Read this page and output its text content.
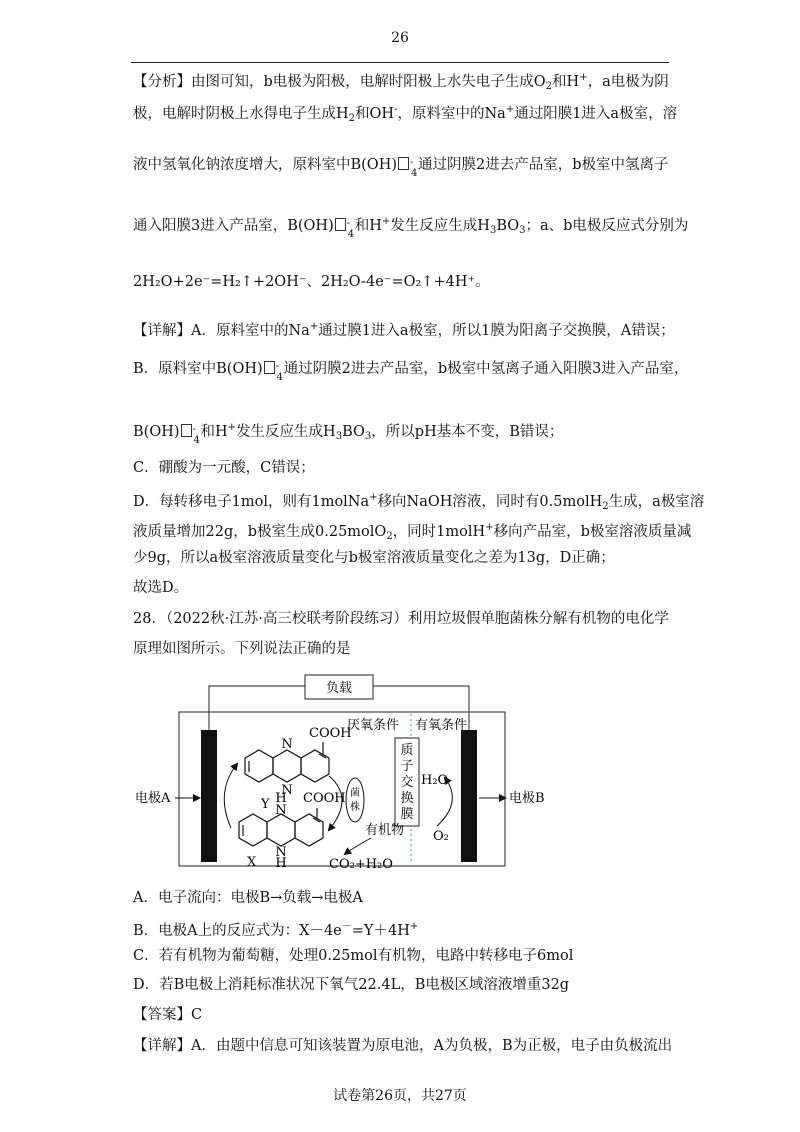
26
【分析】由图可知，b电极为阳极，电解时阳极上水失电子生成$O_2$和H+，a电极为阴
极，电解时阴极上水得电子生成$H_2$和OH-，原料室中的Na+通过阳膜1进入a极室，溶
液中氢氧化钠浓度增大，原料室中B(OH) -
4
通过阴膜2进去产品室，b极室中氢离子
通入阳膜3进入产品室，B(OH) -
4
和H+发生反应生成$H_3BO_3$；a、b电极反应式分别为
2H₂O+2e⁻=H₂↑+2OH⁻、2H₂O-4e⁻=O₂↑+4H⁺。
【详解】A．原料室中的Na+通过膜1进入a极室，所以1膜为阳离子交换膜，A错误；
B．原料室中B(OH) -
4
通过阴膜2进去产品室，b极室中氢离子通入阳膜3进入产品室，
B(OH) -
4
和H+发生反应生成$H_3BO_3$，所以pH基本不变，B错误；
C．硼酸为一元酸，C错误；
D．每转移电子1mol，则有1molNa+移向NaOH溶液，同时有0.5molH$_2$生成，a极室溶
液质量增加22g，b极室生成0.25molO$_2$，同时1molH+移向产品室，b极室溶液质量减
少9g，所以a极室溶液质量变化与b极室溶液质量变化之差为13g，D正确；
故选D。
28．（2022秋·江苏·高三校联考阶段练习）利用垃圾假单胞菌株分解有机物的电化学
原理如图所示。下列说法正确的是
负载
电极A	电极B
厌氧条件 有氧条件
质
子
交
换
膜
N
N
COOH
Y H
N
COOH
N
H
X
菌
株
有机物
CO₂+H₂O
H₂O
O₂
A．电子流向：电极B→负载→电极A
B．电极A上的反应式为：X－4e－=Y＋4H+
C．若有机物为葡萄糖，处理0.25mol有机物，电路中转移电子6mol
D．若B电极上消耗标准状况下氧气22.4L，B电极区域溶液增重32g
【答案】C
【详解】A．由题中信息可知该装置为原电池，A为负极，B为正极，电子由负极流出
试卷第26页，共27页
